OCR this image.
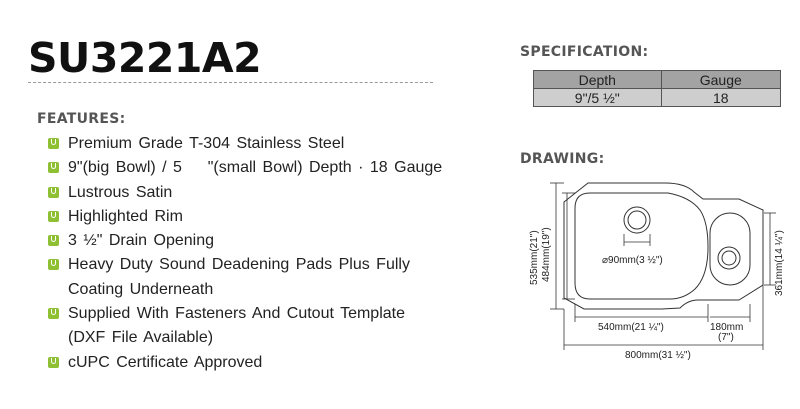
SU3221A2
FEATURES:
Premium Grade T-304 Stainless Steel
9"(big Bowl) / 5    "(small Bowl) Depth · 18 Gauge
Lustrous Satin
Highlighted Rim
3 ½" Drain Opening
Heavy Duty Sound Deadening Pads Plus Fully Coating Underneath
Supplied With Fasteners And Cutout Template (DXF File Available)
cUPC Certificate Approved
SPECIFICATION:
Depth	Gauge
9"/5 ½"	18
DRAWING:
⌀90mm(3 ½")
535mm(21") 484mm(19")	361mm(14 ¼")
540mm(21 ¼")	180mm
(7")
800mm(31 ½")
